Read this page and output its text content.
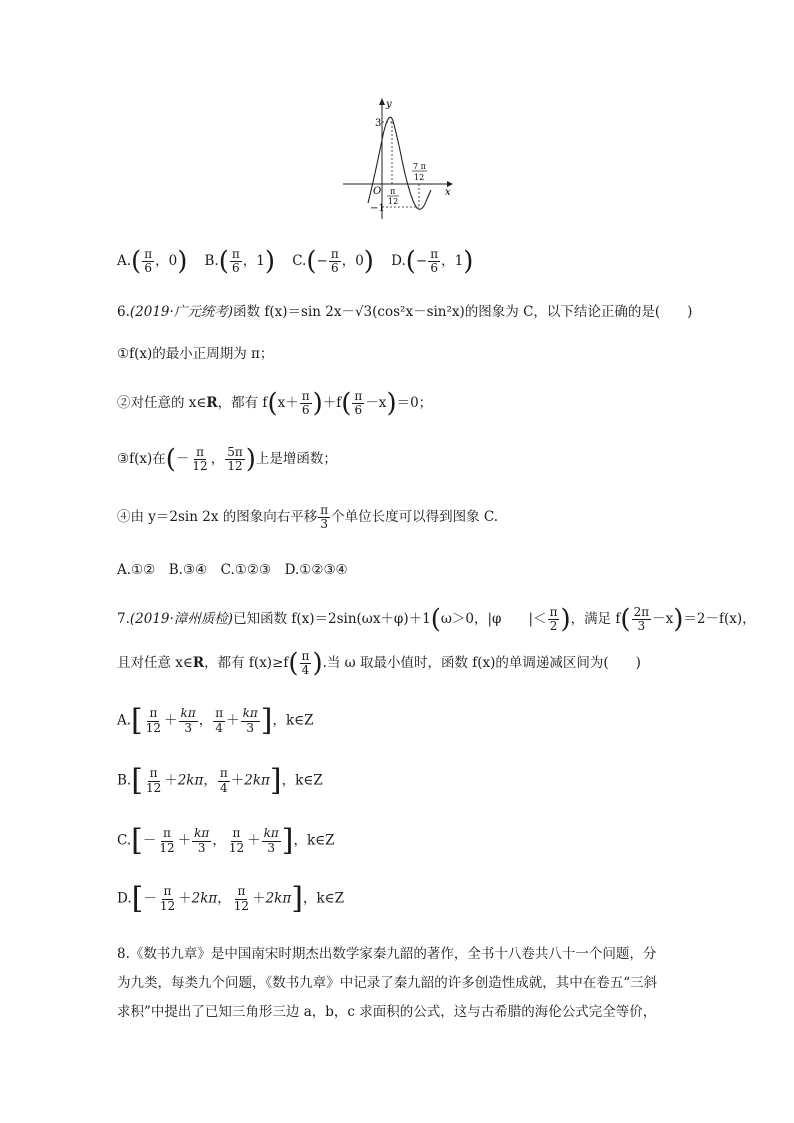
y
x
O
3
−1
π
12
7 π
12
$A.( \frac{\pi}{6}$ ，0) $B.( \frac{\pi}{6}$ ，1) $C.(- \frac{\pi}{6}$ ，0) $D.(- \frac{\pi}{6}$ ，1)
6.(2019·广元统考)函数 f(x)＝sin 2x－√3(cos²x－sin²x)的图象为 C，以下结论正确的是(　　)
①f(x)的最小正周期为 π；
②对任意的 x∈R，都有 $f(x+ \frac{\pi}{6} )+f( \frac{\pi}{6} -x)=0$；
③f(x)在(－ $\frac{\pi}{12}$ ， $\frac{5\pi}{12}$ )上是增函数；
④由 y＝2sin 2x 的图象向右平移 $\frac{\pi}{3}$ 个单位长度可以得到图象 C.
A.①②　B.③④　C.①②③　D.①②③④
7.(2019·漳州质检)已知函数 f(x)＝2sin(ωx＋φ)＋1(ω＞0，|φ　　|＜ $\frac{\pi}{2}$ )，满足 $f( \frac{2\pi}{3} -x)=2-f(x)$，
且对任意 x∈R，都有 $f(x)\ge f( \frac{\pi}{4}$ ).当 ω 取最小值时，函数 f(x)的单调递减区间为(　　)
$A.[ \frac{\pi}{12} + \frac{k\pi}{3}$ ， $\frac{\pi}{4} + \frac{k\pi}{3}$ ]，k∈Z
$B.[ \frac{\pi}{12} +2k\pi$， $\frac{\pi}{4} +2k\pi$]，k∈Z
$C.[- \frac{\pi}{12} + \frac{k\pi}{3}$ ， $\frac{\pi}{12} + \frac{k\pi}{3}$ ]，k∈Z
$D.[- \frac{\pi}{12} +2k\pi$， $\frac{\pi}{12} +2k\pi$]，k∈Z
8.《数书九章》是中国南宋时期杰出数学家秦九韶的著作，全书十八卷共八十一个问题，分
为九类，每类九个问题，《数书九章》中记录了秦九韶的许多创造性成就，其中在卷五“三斜
求积”中提出了已知三角形三边 a，b，c 求面积的公式，这与古希腊的海伦公式完全等价，
